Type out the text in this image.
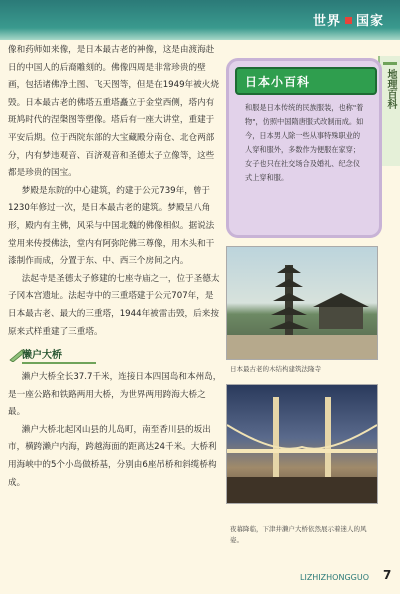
世界 国家
地理百科

像和药师如来像，是日本最古老的神像，这是由渡海赴日的中国人的后裔雕刻的。佛像四周是非常珍贵的壁画，包括诸佛净土图、飞天图等，但是在1949年被火烧毁。日本最古老的佛塔五重塔矗立于金堂西侧，塔内有斑鸠时代的涅槃图等塑像。塔后有一座大讲堂，重建于平安后期。位于西院东部的大宝藏殿分南仓、北仓两部分，内有梦违观音、百济观音和圣德太子立像等，这些都是珍贵的国宝。

梦殿是东院的中心建筑，约建于公元739年，曾于1230年修过一次，是日本最古老的建筑。梦殿呈八角形，殿内有主佛，风采与中国北魏的佛像相似。据说法堂用来传授佛法，堂内有阿弥陀佛三尊像，用木头和干漆制作而成，分置于东、中、西三个房间之内。

法起寺是圣德太子修建的七座寺庙之一，位于圣德太子冈本宫遗址。法起寺中的三重塔建于公元707年，是日本最古老、最大的三重塔，1944年被雷击毁，后来按原来式样重建了三重塔。

濑户大桥

濑户大桥全长37.7千米，连接日本四国岛和本州岛，是一座公路和铁路两用大桥，为世界两用跨海大桥之最。

濑户大桥北起冈山县的儿岛町，南至香川县的坂出市，横跨濑户内海，跨越海面的距离达24千米。大桥利用海峡中的5个小岛做桥基，分别由6座吊桥和斜缆桥构成。

日本小百科
和服是日本传统的民族服装，也称"着物"，仿照中国隋唐服式改制而成。如今，日本男人除一些从事特殊职业的人穿和服外，多数作为便服在家穿；女子也只在社交场合及婚礼、纪念仪式上穿和服。
日本最古老的木结构建筑法隆寺
夜幕降临，下津井濑户大桥依然展示着迷人的风姿。
LIZHIZHONGGUO 7
